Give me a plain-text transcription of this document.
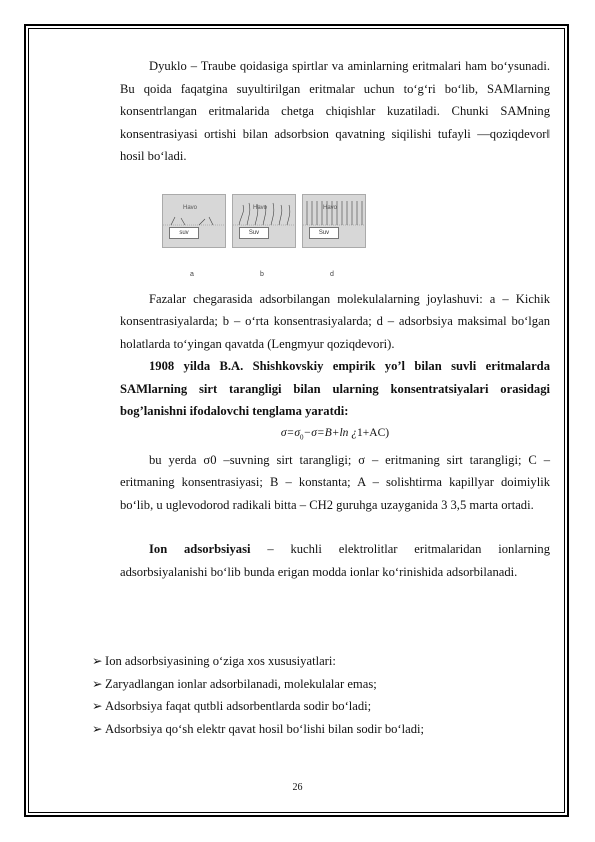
Dyuklo – Traube qoidasiga spirtlar va aminlarning eritmalari ham bo‘ysunadi. Bu qoida faqatgina suyultirilgan eritmalar uchun to‘g‘ri bo‘lib, SAMlarning konsentrlangan eritmalarida chetga chiqishlar kuzatiladi. Chunki SAMning konsentrasiyasi ortishi bilan adsorbsion qavatning siqilishi tufayli ―qoziqdevor‖ hosil bo‘ladi.

Havo
suv
Havo
Suv
Havo
Suv
a	b	d

Fazalar chegarasida adsorbilangan molekulalarning joylashuvi: a – Kichik konsentrasiyalarda; b – o‘rta konsentrasiyalarda; d – adsorbsiya maksimal bo‘lgan holatlarda to‘yingan qavatda (Lengmyur qoziqdevori).

1908 yilda B.A. Shishkovskiy empirik yo’l bilan suvli eritmalarda SAMlarning sirt tarangligi bilan ularning konsentratsiyalari orasidagi bog’lanishni ifodalovchi tenglama yaratdi:

$\sigma=\sigma_0-\sigma=B+\ln$ ¿1+AC)

bu yerda σ0 –suvning sirt tarangligi; σ – eritmaning sirt tarangligi; C – eritmaning konsentrasiyasi; B – konstanta; A – solishtirma kapillyar doimiylik bo‘lib, u uglevodorod radikali bitta – CH2 guruhga uzayganida 3 3,5 marta ortadi.

Ion adsorbsiyasi – kuchli elektrolitlar eritmalaridan ionlarning adsorbsiyalanishi bo‘lib bunda erigan modda ionlar ko‘rinishida adsorbilanadi.

➢ Ion adsorbsiyasining o‘ziga xos xususiyatlari:

➢ Zaryadlangan ionlar adsorbilanadi, molekulalar emas;

➢ Adsorbsiya faqat qutbli adsorbentlarda sodir bo‘ladi;

➢ Adsorbsiya qo‘sh elektr qavat hosil bo‘lishi bilan sodir bo‘ladi;

26
